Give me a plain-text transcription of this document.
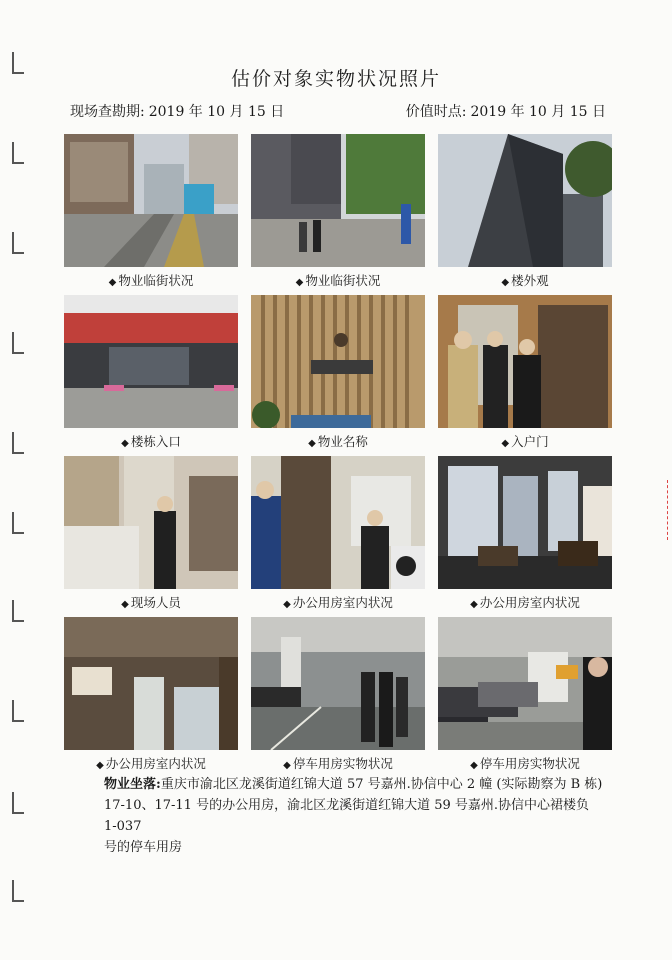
估价对象实物状况照片
现场查勘期: 2019 年 10 月 15 日	价值时点: 2019 年 10 月 15 日
◆ 物业临街状况	◆ 物业临街状况	◆ 楼外观
◆ 楼栋入口	◆ 物业名称	◆ 入户门
◆ 现场人员	◆ 办公用房室内状况	◆ 办公用房室内状况
◆ 办公用房室内状况	◆ 停车用房实物状况	◆ 停车用房实物状况
物业坐落:重庆市渝北区龙溪街道红锦大道 57 号嘉州.协信中心 2 幢 (实际勘察为 B 栋)
17-10、17-11 号的办公用房，渝北区龙溪街道红锦大道 59 号嘉州.协信中心裙楼负 1-037
号的停车用房
